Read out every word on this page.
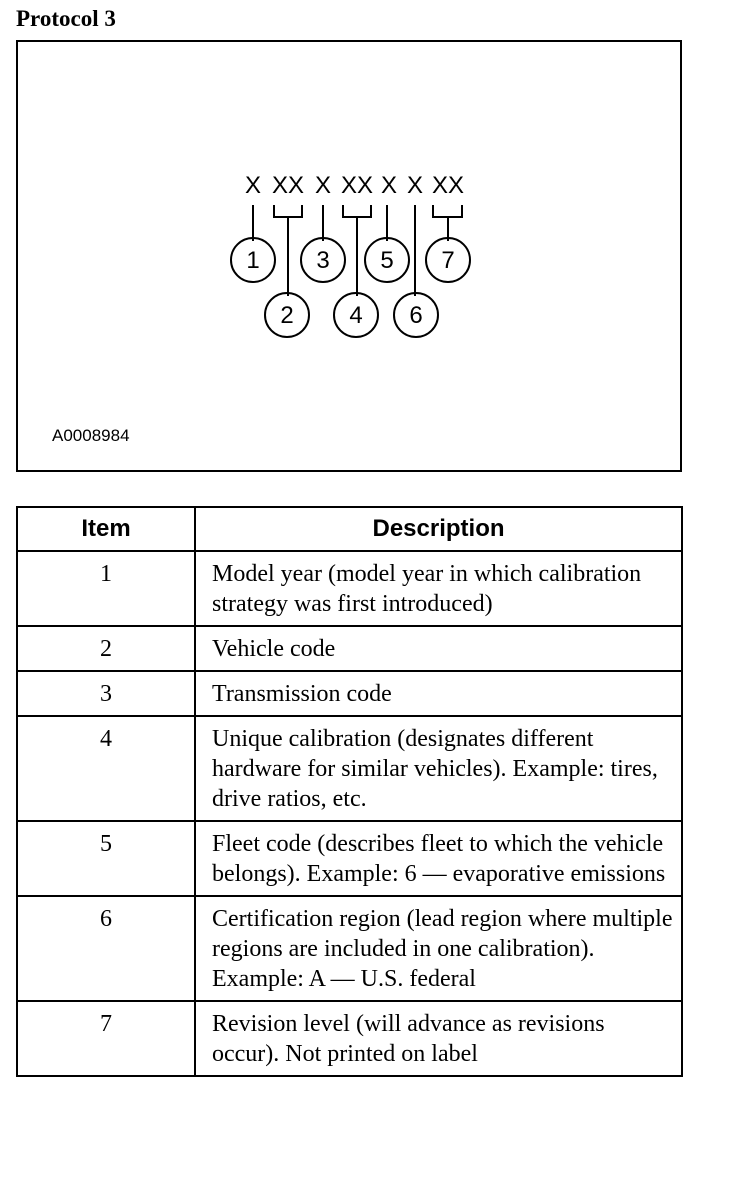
Protocol 3
X XX X XX X X XX
1 3 5 7
2 4 6
A0008984
Item	Description
1	Model year (model year in which calibration strategy was first introduced)
2	Vehicle code
3	Transmission code
4	Unique calibration (designates different hardware for similar vehicles). Example: tires, drive ratios, etc.
5	Fleet code (describes fleet to which the vehicle belongs). Example: 6 — evaporative emissions
6	Certification region (lead region where multiple regions are included in one calibration). Example: A — U.S. federal
7	Revision level (will advance as revisions occur). Not printed on label
